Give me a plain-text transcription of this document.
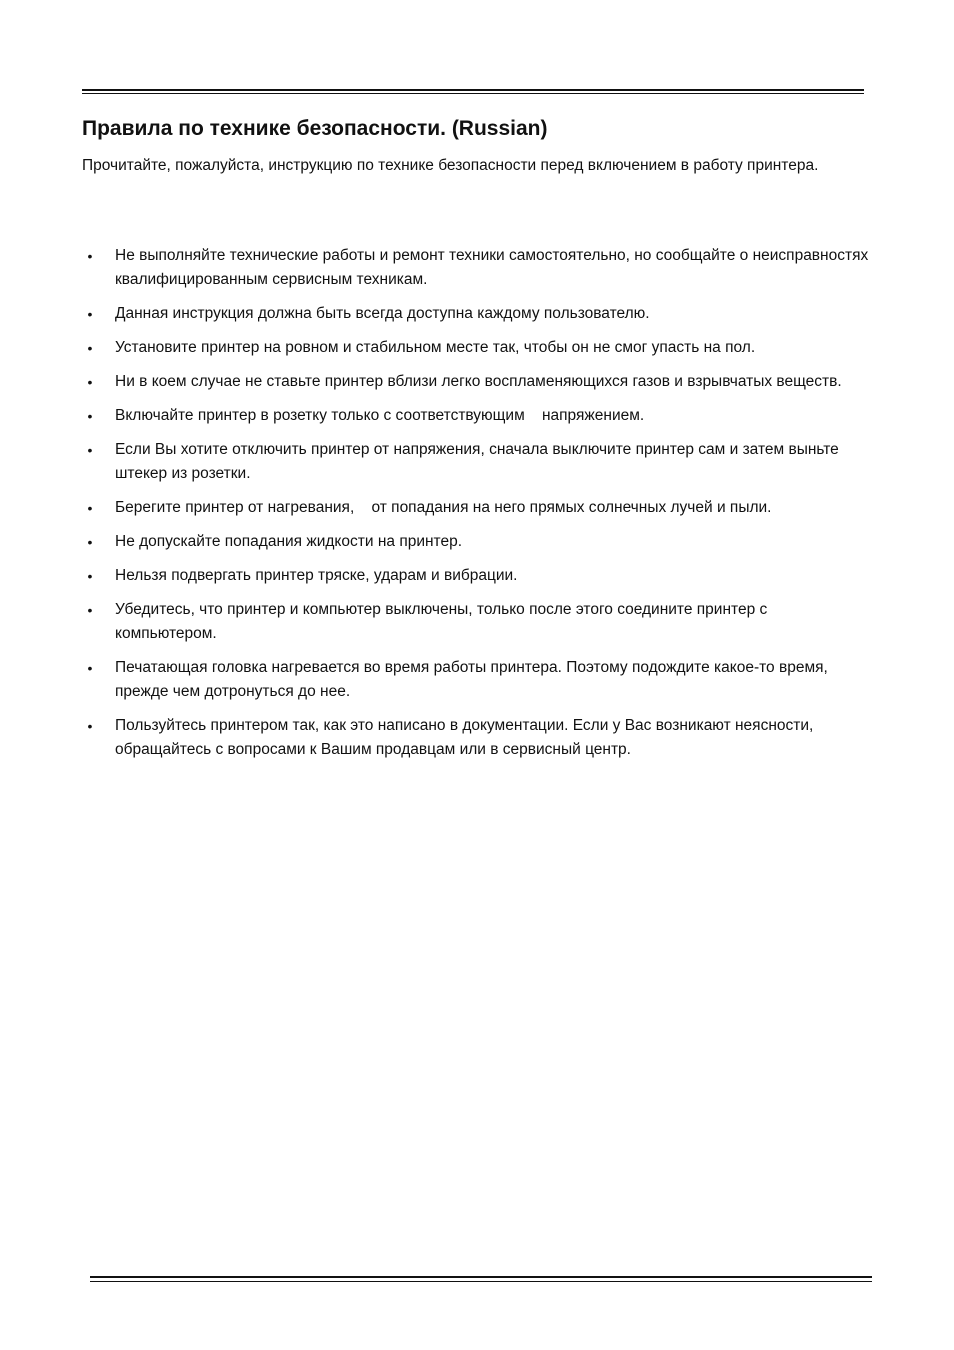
Правила по технике безопасности. (Russian)

Прочитайте, пожалуйста, инструкцию по технике безопасности перед включением в работу принтера.

• Не выполняйте технические работы и ремонт техники самостоятельно, но сообщайте о неисправностях квалифицированным сервисным техникам.
• Данная инструкция должна быть всегда доступна каждому пользователю.
• Установите принтер на ровном и стабильном месте так, чтобы он не смог упасть на пол.
• Ни в коем случае не ставьте принтер вблизи легко воспламеняющихся газов и взрывчатых веществ.
• Включайте принтер в розетку только с соответствующим    напряжением.
• Если Вы хотите отключить принтер от напряжения, сначала выключите принтер сам и затем выньте штекер из розетки.
• Берегите принтер от нагревания,    от попадания на него прямых солнечных лучей и пыли.
• Не допускайте попадания жидкости на принтер.
• Нельзя подвергать принтер тряске, ударам и вибрации.
• Убедитесь, что принтер и компьютер выключены, только после этого соедините принтер с компьютером.
• Печатающая головка нагревается во время работы принтера. Поэтому подождите какое-то время, прежде чем дотронуться до нее.
• Пользуйтесь принтером так, как это написано в документации. Если у Вас возникают неясности, обращайтесь с вопросами к Вашим продавцам или в сервисный центр.
